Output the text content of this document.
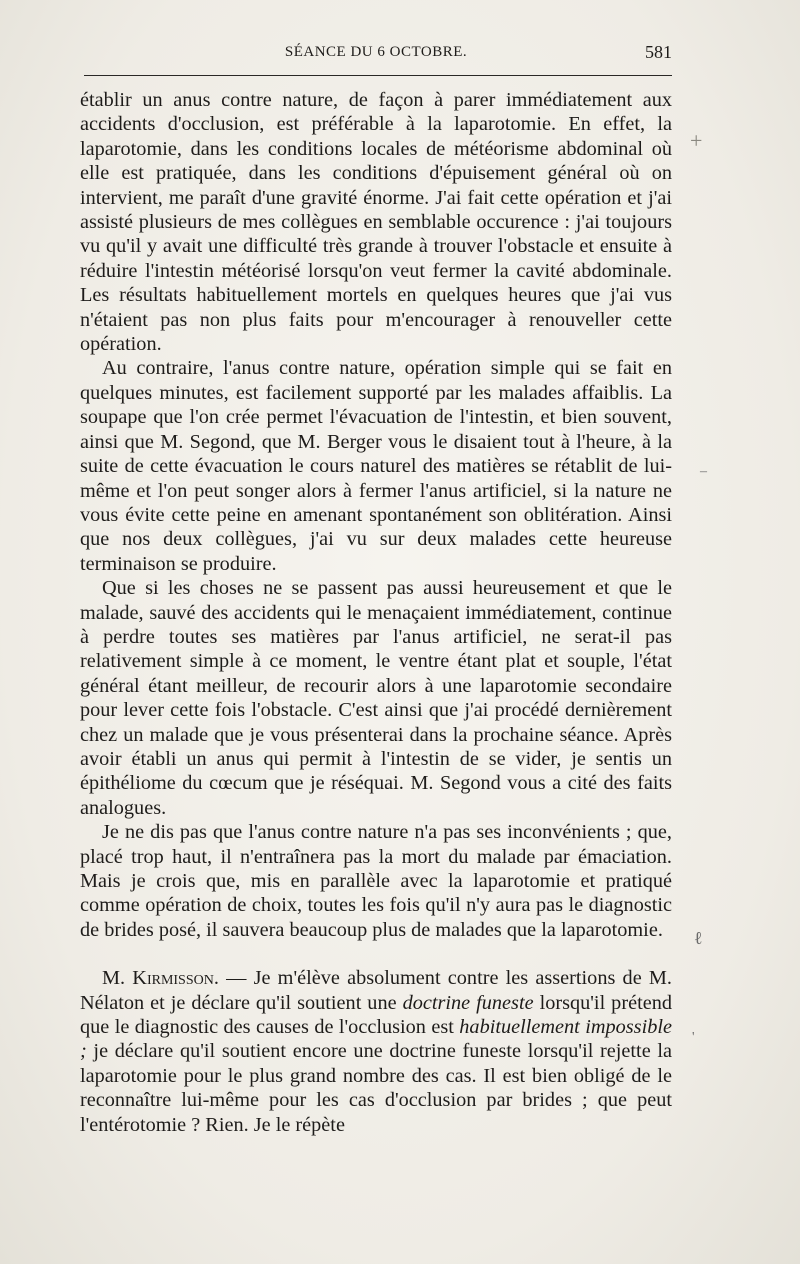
SÉANCE DU 6 OCTOBRE.	581

établir un anus contre nature, de façon à parer immédiatement aux accidents d'occlusion, est préférable à la laparotomie. En effet, la laparotomie, dans les conditions locales de météorisme abdominal où elle est pratiquée, dans les conditions d'épuisement général où on intervient, me paraît d'une gravité énorme. J'ai fait cette opération et j'ai assisté plusieurs de mes collègues en semblable occurence : j'ai toujours vu qu'il y avait une difficulté très grande à trouver l'obstacle et ensuite à réduire l'intestin météorisé lorsqu'on veut fermer la cavité abdominale. Les résultats habituellement mortels en quelques heures que j'ai vus n'étaient pas non plus faits pour m'encourager à renouveller cette opération.

Au contraire, l'anus contre nature, opération simple qui se fait en quelques minutes, est facilement supporté par les malades affaiblis. La soupape que l'on crée permet l'évacuation de l'intestin, et bien souvent, ainsi que M. Segond, que M. Berger vous le disaient tout à l'heure, à la suite de cette évacuation le cours naturel des matières se rétablit de lui-même et l'on peut songer alors à fermer l'anus artificiel, si la nature ne vous évite cette peine en amenant spontanément son oblitération. Ainsi que nos deux collègues, j'ai vu sur deux malades cette heureuse terminaison se produire.

Que si les choses ne se passent pas aussi heureusement et que le malade, sauvé des accidents qui le menaçaient immédiatement, continue à perdre toutes ses matières par l'anus artificiel, ne serat-il pas relativement simple à ce moment, le ventre étant plat et souple, l'état général étant meilleur, de recourir alors à une laparotomie secondaire pour lever cette fois l'obstacle. C'est ainsi que j'ai procédé dernièrement chez un malade que je vous présenterai dans la prochaine séance. Après avoir établi un anus qui permit à l'intestin de se vider, je sentis un épithéliome du cœcum que je réséquai. M. Segond vous a cité des faits analogues.

Je ne dis pas que l'anus contre nature n'a pas ses inconvénients ; que, placé trop haut, il n'entraînera pas la mort du malade par émaciation. Mais je crois que, mis en parallèle avec la laparotomie et pratiqué comme opération de choix, toutes les fois qu'il n'y aura pas le diagnostic de brides posé, il sauvera beaucoup plus de malades que la laparotomie.

M. Kirmisson. — Je m'élève absolument contre les assertions de M. Nélaton et je déclare qu'il soutient une doctrine funeste lorsqu'il prétend que le diagnostic des causes de l'occlusion est habituellement impossible ; je déclare qu'il soutient encore une doctrine funeste lorsqu'il rejette la laparotomie pour le plus grand nombre des cas. Il est bien obligé de le reconnaître lui-même pour les cas d'occlusion par brides ; que peut l'entérotomie ? Rien. Je le répète

+
–
ℓ
'
